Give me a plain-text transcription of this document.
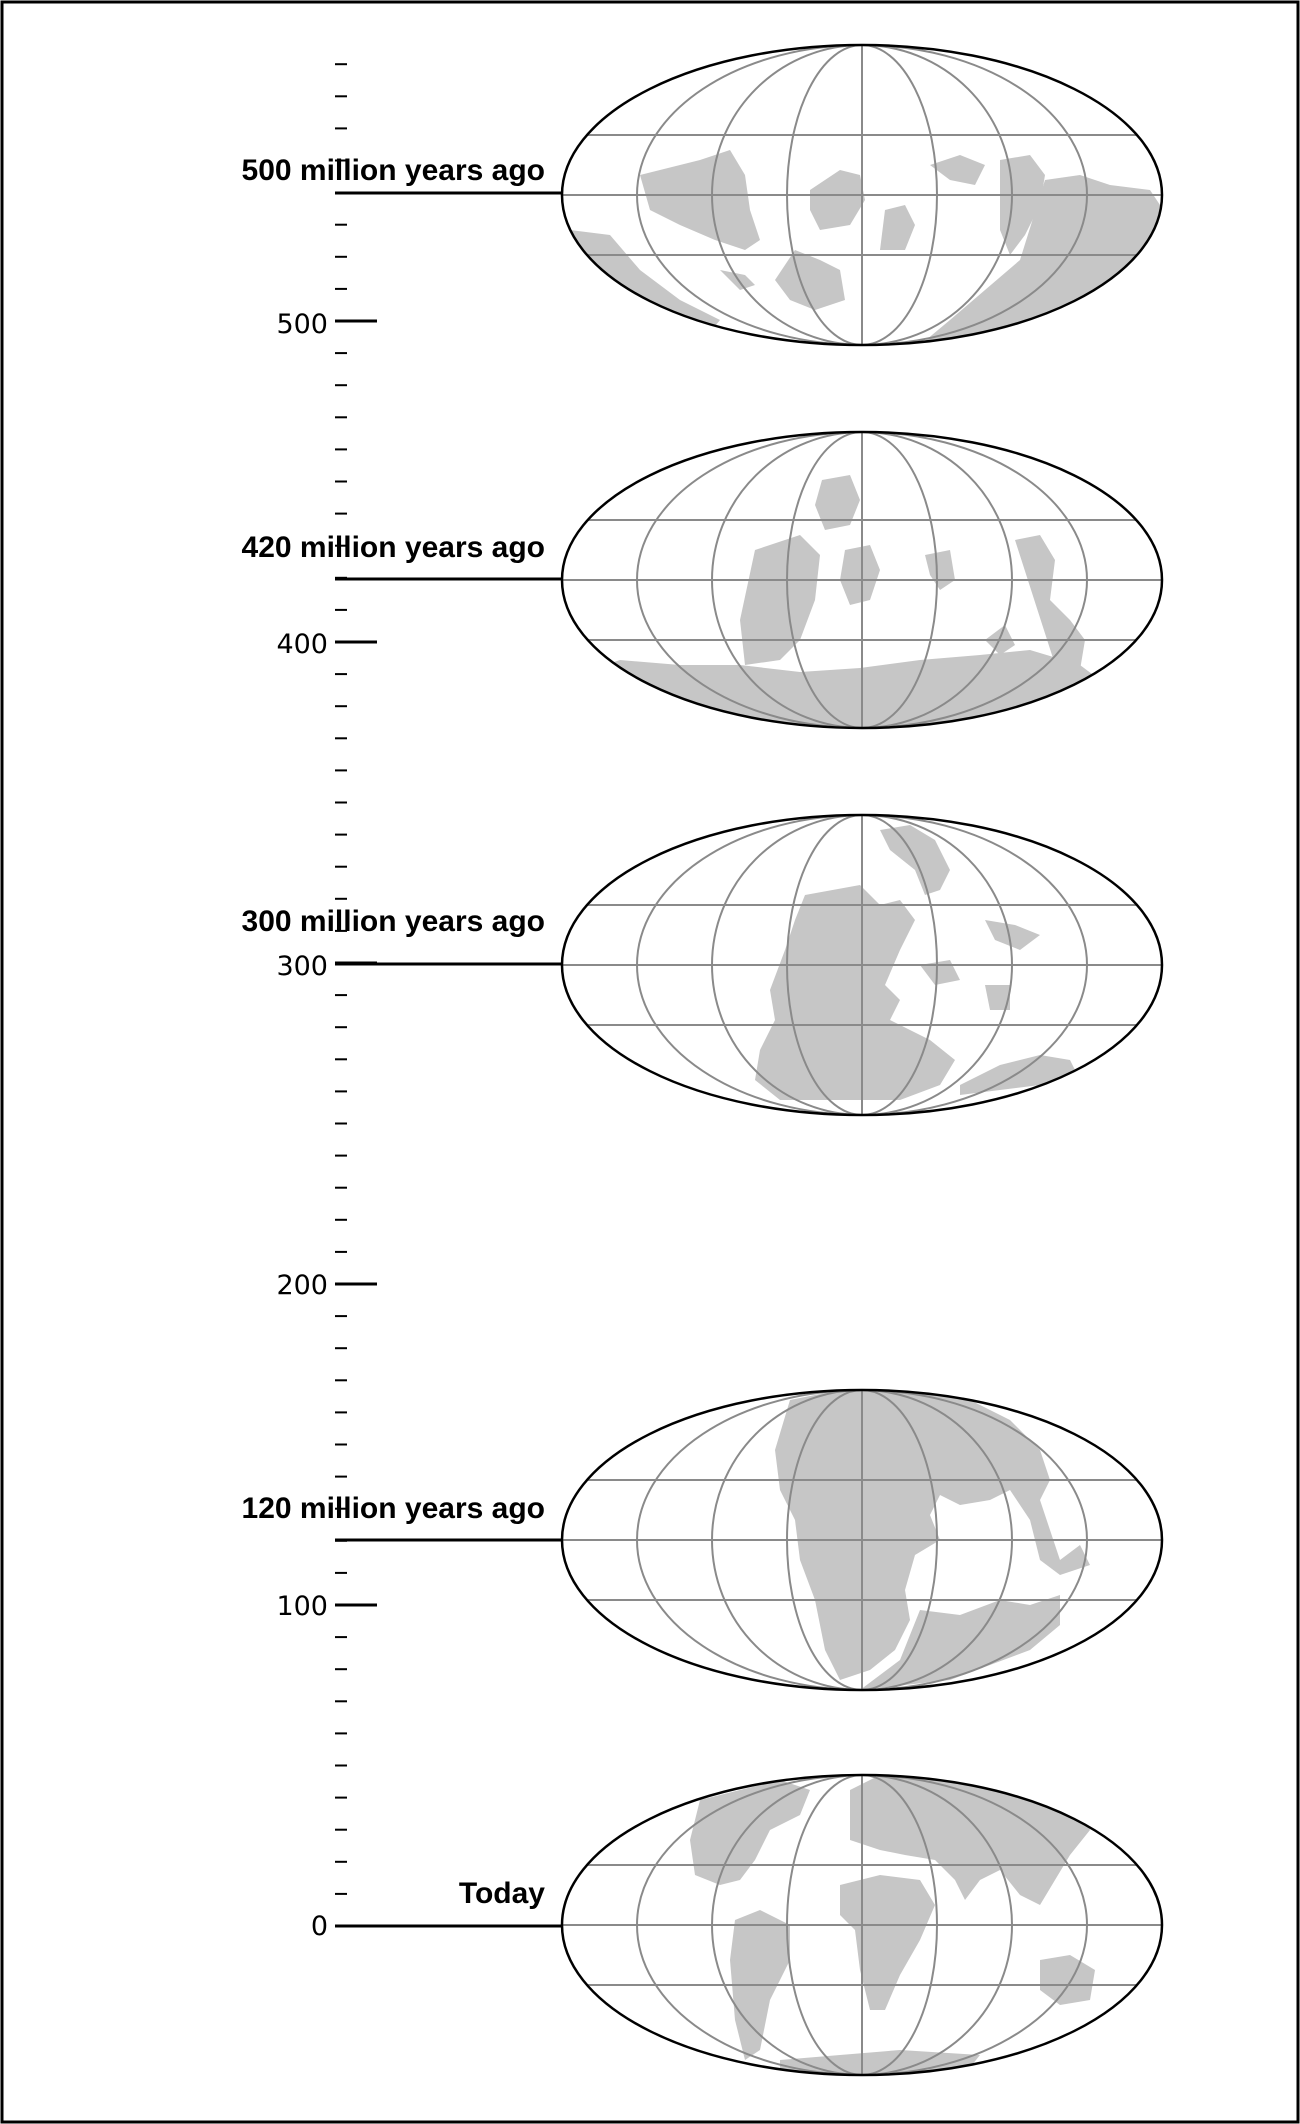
500
400
300
200
100
0
500 million years ago
420 million years ago
300 million years ago
120 million years ago
Today
